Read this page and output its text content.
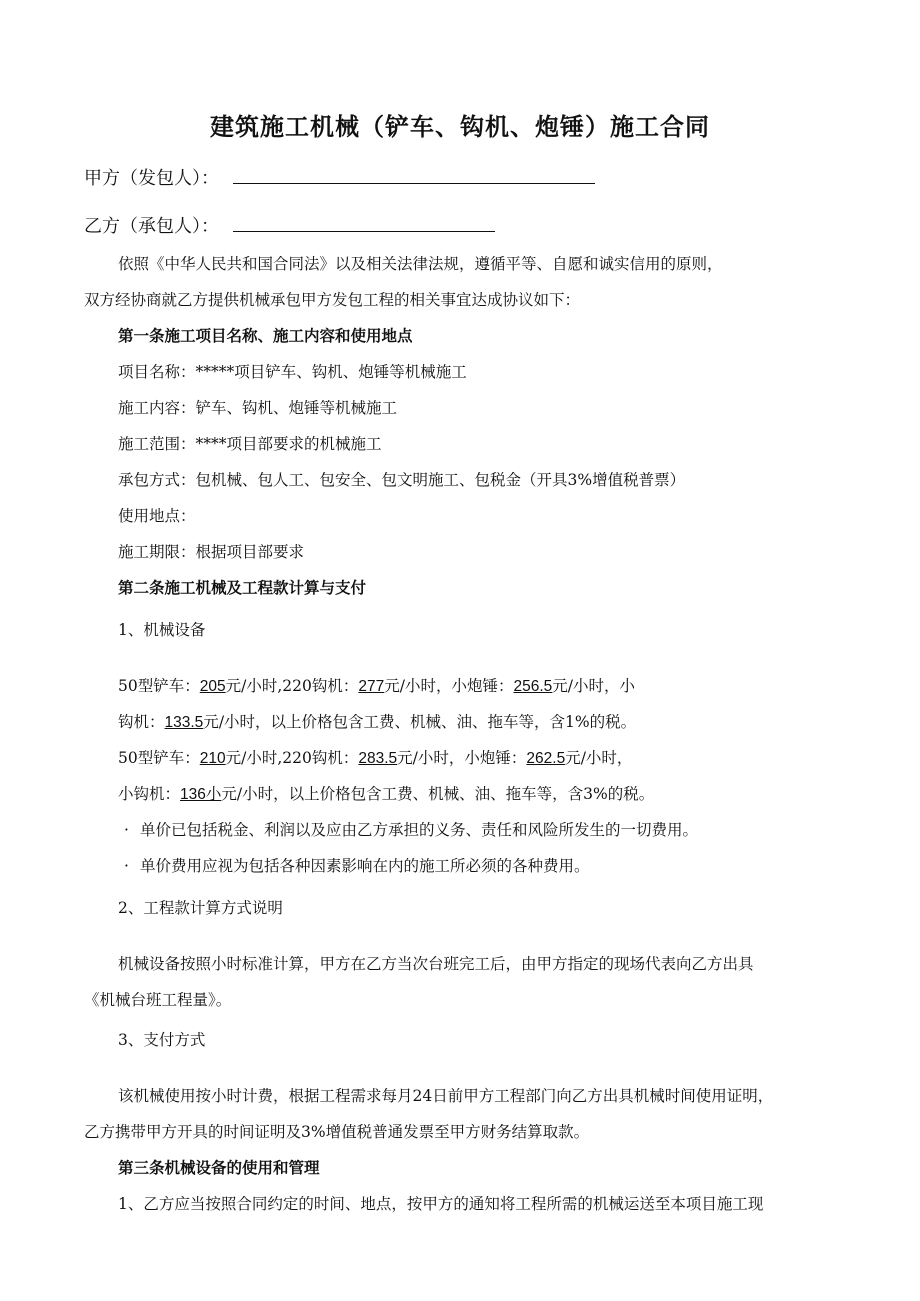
建筑施工机械（铲车、钩机、炮锤）施工合同
甲方（发包人）：
乙方（承包人）：
依照《中华人民共和国合同法》以及相关法律法规，遵循平等、自愿和诚实信用的原则，
双方经协商就乙方提供机械承包甲方发包工程的相关事宜达成协议如下：
第一条施工项目名称、施工内容和使用地点
项目名称：*****项目铲车、钩机、炮锤等机械施工
施工内容：铲车、钩机、炮锤等机械施工
施工范围：****项目部要求的机械施工
承包方式：包机械、包人工、包安全、包文明施工、包税金（开具3%增值税普票）
使用地点：
施工期限：根据项目部要求
第二条施工机械及工程款计算与支付
1、机械设备
50型铲车：205元/小时,220钩机：277元/小时，小炮锤：256.5元/小时，小
钩机：133.5元/小时，以上价格包含工费、机械、油、拖车等，含1%的税。
50型铲车：210元/小时,220钩机：283.5元/小时，小炮锤：262.5元/小时，
小钩机：136小元/小时，以上价格包含工费、机械、油、拖车等，含3%的税。
· 单价已包括税金、利润以及应由乙方承担的义务、责任和风险所发生的一切费用。
· 单价费用应视为包括各种因素影响在内的施工所必须的各种费用。
2、工程款计算方式说明
机械设备按照小时标准计算，甲方在乙方当次台班完工后，由甲方指定的现场代表向乙方出具
《机械台班工程量》。
3、支付方式
该机械使用按小时计费，根据工程需求每月24日前甲方工程部门向乙方出具机械时间使用证明，
乙方携带甲方开具的时间证明及3%增值税普通发票至甲方财务结算取款。
第三条机械设备的使用和管理
1、乙方应当按照合同约定的时间、地点，按甲方的通知将工程所需的机械运送至本项目施工现
